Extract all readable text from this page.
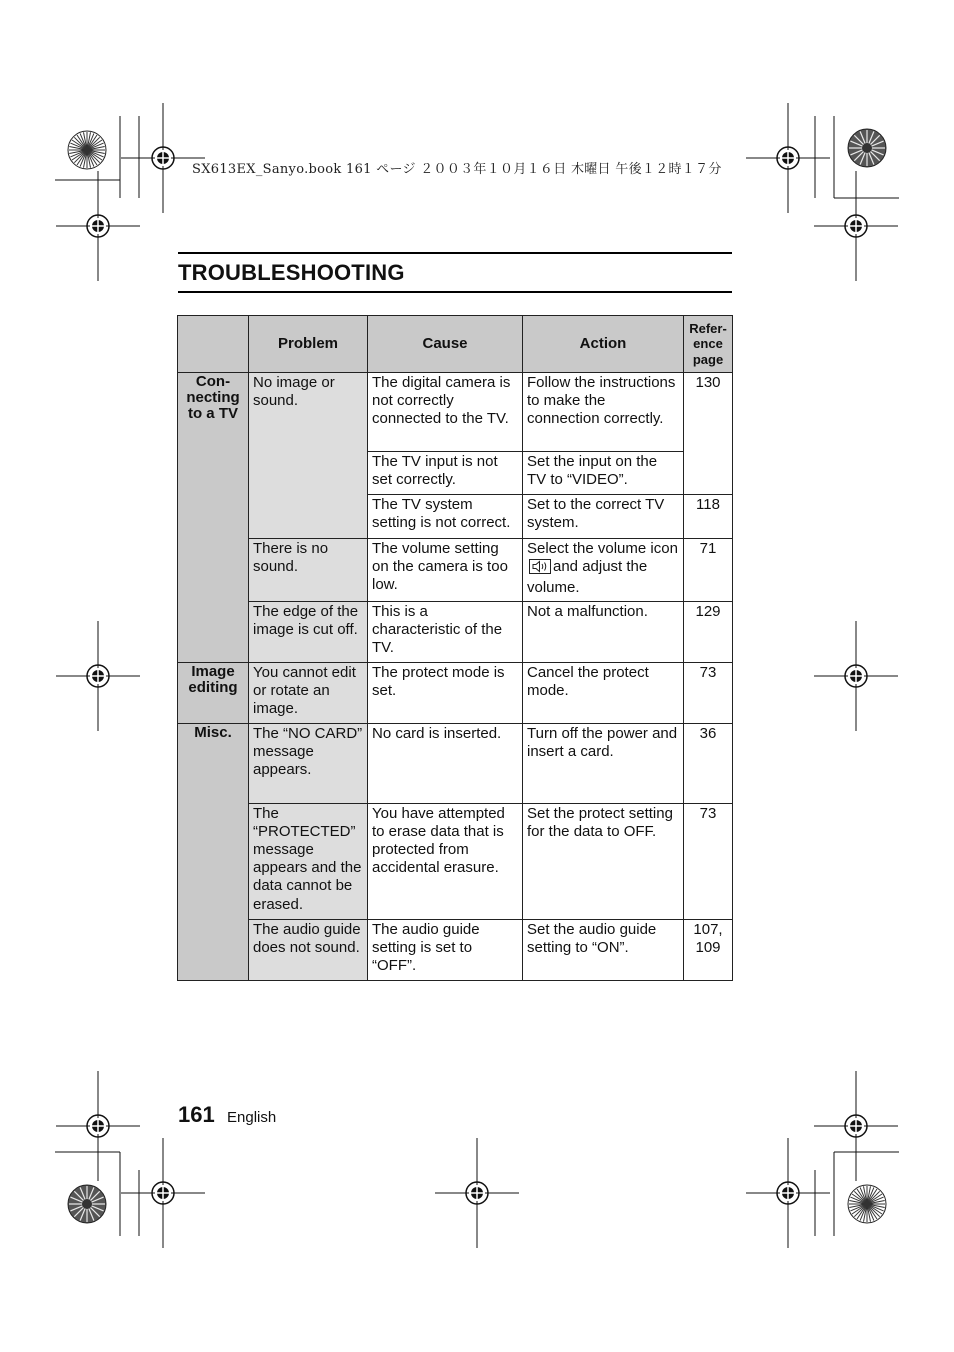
SX613EX_Sanyo.book 161 ページ ２００３年１０月１６日 木曜日 午後１２時１７分

TROUBLESHOOTING
	Problem	Cause	Action	Refer-
ence
page
Con-
necting
to a TV	No image or sound.	The digital camera is not correctly connected to the TV.	Follow the instructions to make the connection correctly.	130
		The TV input is not set correctly.	Set the input on the TV to “VIDEO”.	
		The TV system setting is not correct.	Set to the correct TV system.	118
	There is no sound.	The volume setting on the camera is too low.	Select the volume iconand adjust the volume.	71
	The edge of the image is cut off.	This is a characteristic of the TV.	Not a malfunction.	129
Image
editing	You cannot edit or rotate an image.	The protect mode is set.	Cancel the protect mode.	73
Misc.	The “NO CARD” message appears.	No card is inserted.	Turn off the power and insert a card.	36
	The “PROTECTED” message appears and the data cannot be erased.	You have attempted to erase data that is protected from accidental erasure.	Set the protect setting for the data to OFF.	73
	The audio guide does not sound.	The audio guide setting is set to “OFF”.	Set the audio guide setting to “ON”.	107,
109

161 English
